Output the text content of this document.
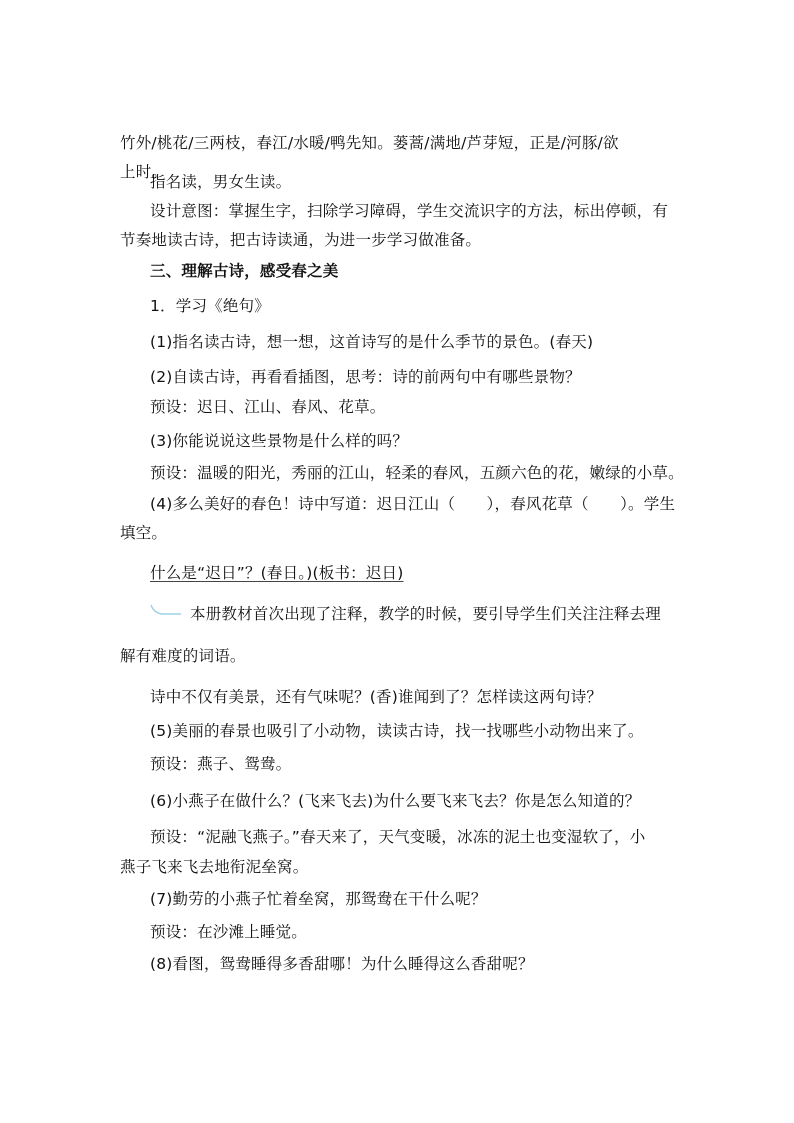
竹外/桃花/三两枝，春江/水暖/鸭先知。蒌蒿/满地/芦芽短，正是/河豚/欲
上时。
指名读，男女生读。
设计意图：掌握生字，扫除学习障碍，学生交流识字的方法，标出停顿，有
节奏地读古诗，把古诗读通，为进一步学习做准备。
三、理解古诗，感受春之美
1．学习《绝句》
(1)指名读古诗，想一想，这首诗写的是什么季节的景色。(春天)
(2)自读古诗，再看看插图，思考：诗的前两句中有哪些景物？
预设：迟日、江山、春风、花草。
(3)你能说说这些景物是什么样的吗？
预设：温暖的阳光，秀丽的江山，轻柔的春风，五颜六色的花，嫩绿的小草。
(4)多么美好的春色！诗中写道：迟日江山（　　），春风花草（　　）。学生
填空。
什么是“迟日”？(春日。)(板书：迟日)
本册教材首次出现了注释，教学的时候，要引导学生们关注注释去理
解有难度的词语。
诗中不仅有美景，还有气味呢？(香)谁闻到了？怎样读这两句诗？
(5)美丽的春景也吸引了小动物，读读古诗，找一找哪些小动物出来了。
预设：燕子、鸳鸯。
(6)小燕子在做什么？(飞来飞去)为什么要飞来飞去？你是怎么知道的？
预设：“泥融飞燕子。”春天来了，天气变暖，冰冻的泥土也变湿软了，小
燕子飞来飞去地衔泥垒窝。
(7)勤劳的小燕子忙着垒窝，那鸳鸯在干什么呢？
预设：在沙滩上睡觉。
(8)看图，鸳鸯睡得多香甜哪！为什么睡得这么香甜呢？
